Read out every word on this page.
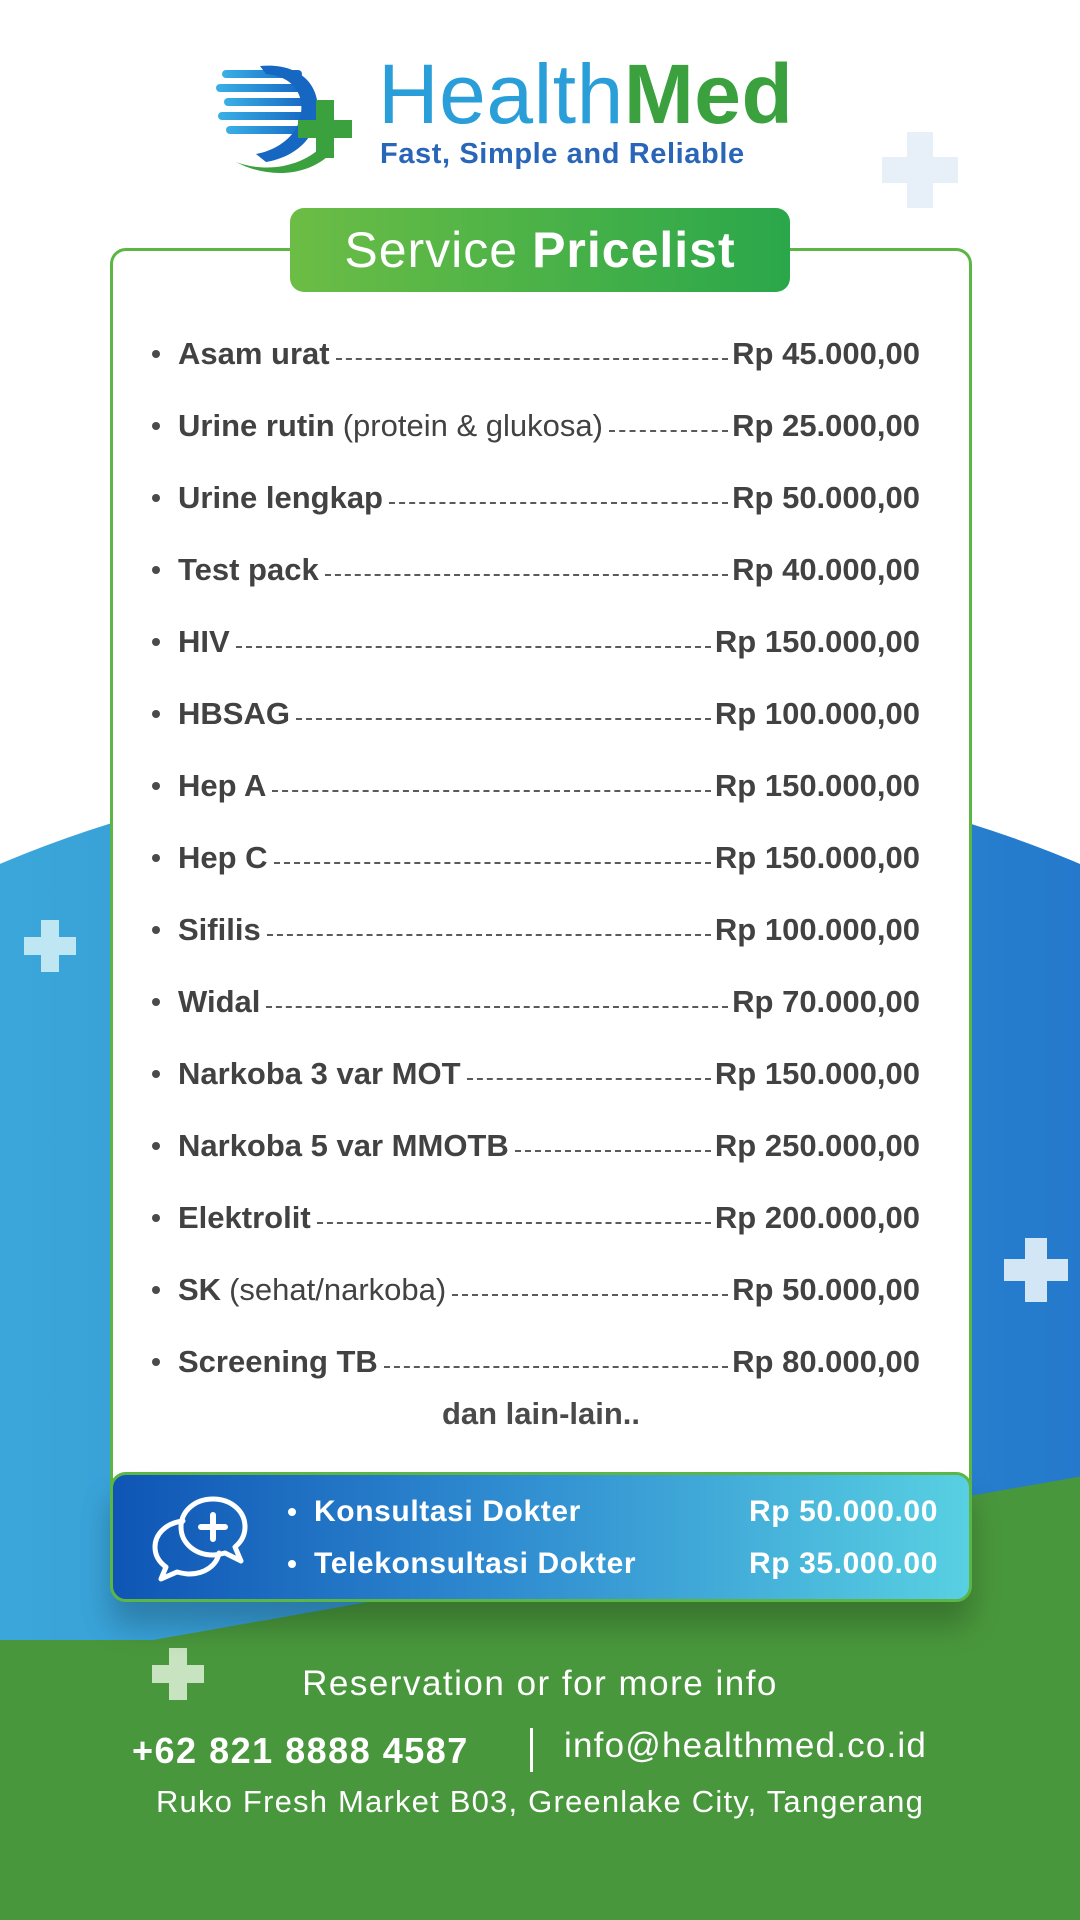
HealthMed
Fast, Simple and Reliable
Service Pricelist
Asam urat	Rp 45.000,00
Urine rutin (protein & glukosa)	Rp 25.000,00
Urine lengkap	Rp 50.000,00
Test pack	Rp 40.000,00
HIV	Rp 150.000,00
HBSAG	Rp 100.000,00
Hep A	Rp 150.000,00
Hep C	Rp 150.000,00
Sifilis	Rp 100.000,00
Widal	Rp 70.000,00
Narkoba 3 var MOT	Rp 150.000,00
Narkoba 5 var MMOTB	Rp 250.000,00
Elektrolit	Rp 200.000,00
SK (sehat/narkoba)	Rp 50.000,00
Screening TB	Rp 80.000,00
dan lain-lain..
Konsultasi Dokter	Rp 50.000.00
Telekonsultasi Dokter	Rp 35.000.00
Reservation or for more info
+62 821 8888 4587	info@healthmed.co.id
Ruko Fresh Market B03, Greenlake City, Tangerang
